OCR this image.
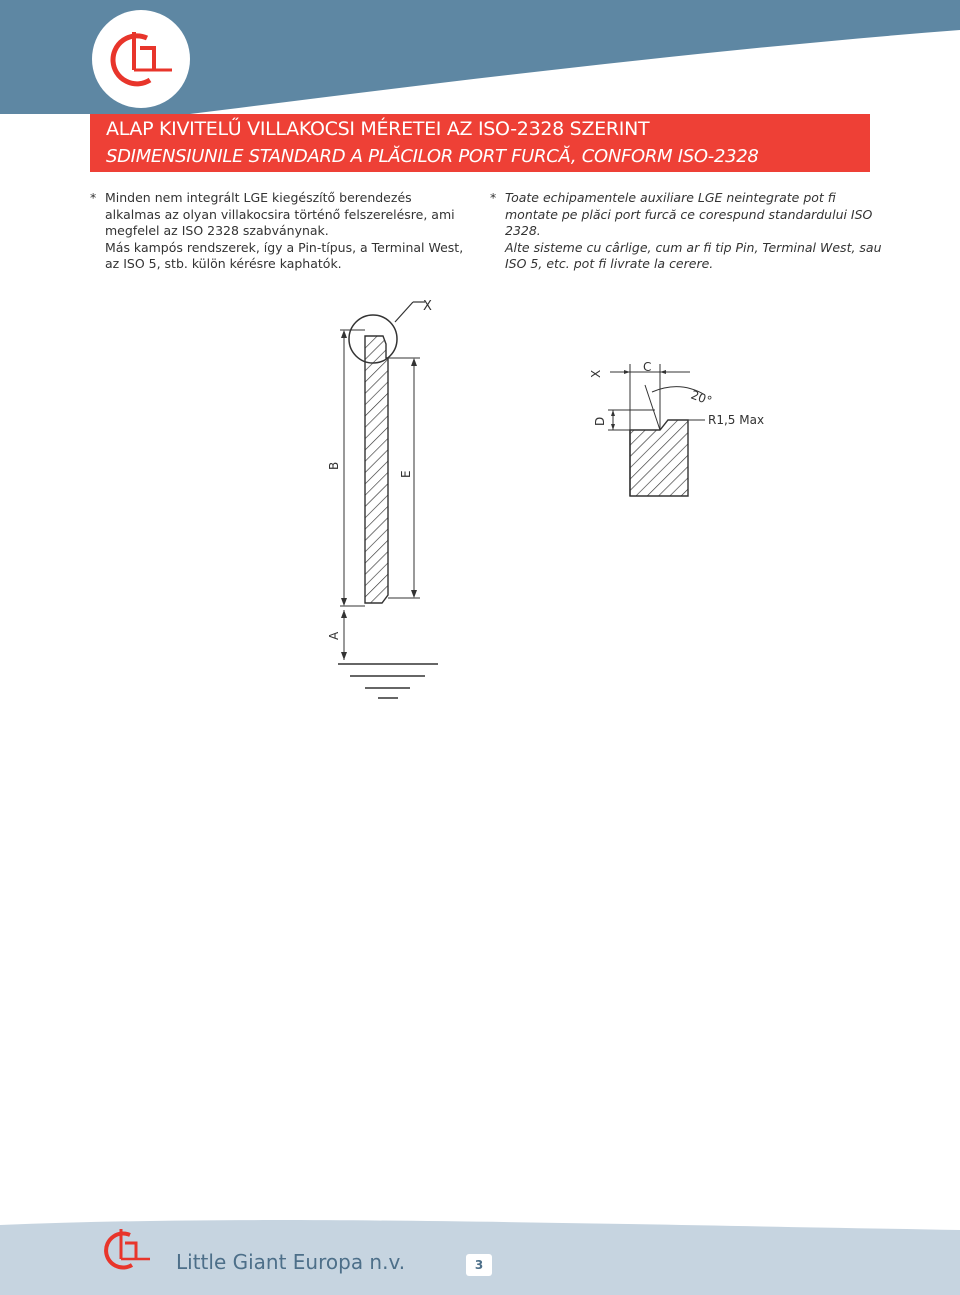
ALAP KIVITELŰ VILLAKOCSI MÉRETEI AZ ISO-2328 SZERINT
SDIMENSIUNILE STANDARD A PLĂCILOR PORT FURCĂ, CONFORM ISO-2328

* Minden nem integrált LGE kiegészítő berendezés alkalmas az olyan villakocsira történő felszerelésre, ami megfelel az ISO 2328 szabványnak.
Más kampós rendszerek, így a Pin-típus, a Terminal West, az ISO 5, stb. külön kérésre kaphatók.

* Toate echipamentele auxiliare LGE neintegrate pot fi montate pe plăci port furcă ce corespund standardului ISO 2328.
Alte sisteme cu cârlige, cum ar fi tip Pin, Terminal West, sau ISO 5, etc. pot fi livrate la cerere.

X
B
E
A
D
C
X
20°
R1,5 Max
Little Giant Europa n.v.	3
